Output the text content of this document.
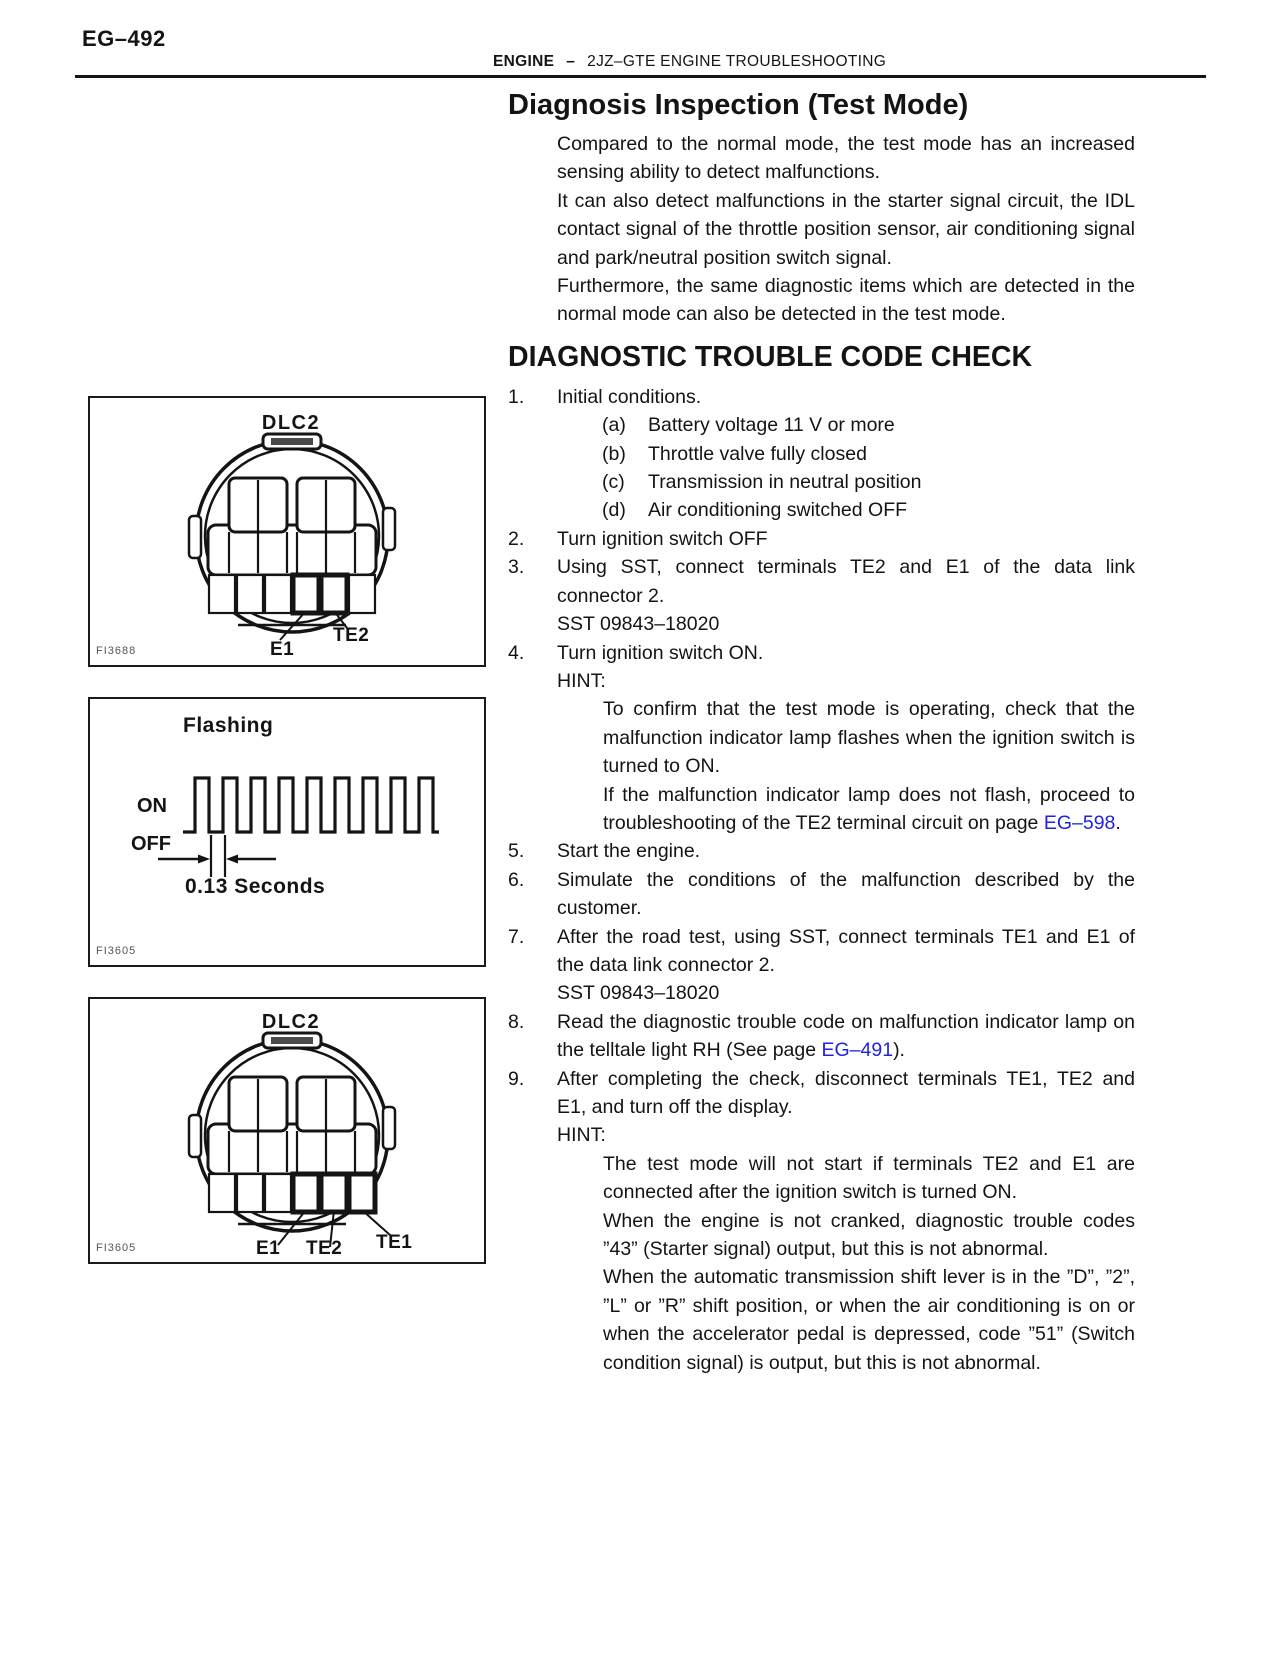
EG–492
ENGINE – 2JZ–GTE ENGINE TROUBLESHOOTING
DLC2
E1
TE2
FI3688
Flashing
ON
OFF
0.13 Seconds
FI3605
DLC2
E1 TE2 TE1
FI3605
Diagnosis Inspection (Test Mode)
Compared to the normal mode, the test mode has an increased sensing ability to detect malfunctions.
It can also detect malfunctions in the starter signal circuit, the IDL contact signal of the throttle position sensor, air conditioning signal and park/neutral position switch signal.
Furthermore, the same diagnostic items which are detected in the normal mode can also be detected in the test mode.
DIAGNOSTIC TROUBLE CODE CHECK
1.	Initial conditions.
(a)	Battery voltage 11 V or more
(b)	Throttle valve fully closed
(c)	Transmission in neutral position
(d)	Air conditioning switched OFF
2.	Turn ignition switch OFF
3.	Using SST, connect terminals TE2 and E1 of the data link connector 2.
SST 09843–18020
4.	Turn ignition switch ON.
HINT:
To confirm that the test mode is operating, check that the malfunction indicator lamp flashes when the ignition switch is turned to ON.
If the malfunction indicator lamp does not flash, proceed to troubleshooting of the TE2 terminal circuit on page EG–598.
5.	Start the engine.
6.	Simulate the conditions of the malfunction described by the customer.
7.	After the road test, using SST, connect terminals TE1 and E1 of the data link connector 2.
SST 09843–18020
8.	Read the diagnostic trouble code on malfunction indicator lamp on the telltale light RH (See page EG–491).
9.	After completing the check, disconnect terminals TE1, TE2 and E1, and turn off the display.
HINT:
The test mode will not start if terminals TE2 and E1 are connected after the ignition switch is turned ON.
When the engine is not cranked, diagnostic trouble codes ”43” (Starter signal) output, but this is not abnormal.
When the automatic transmission shift lever is in the ”D”, ”2”, ”L” or ”R” shift position, or when the air conditioning is on or when the accelerator pedal is depressed, code ”51” (Switch condition signal) is output, but this is not abnormal.
